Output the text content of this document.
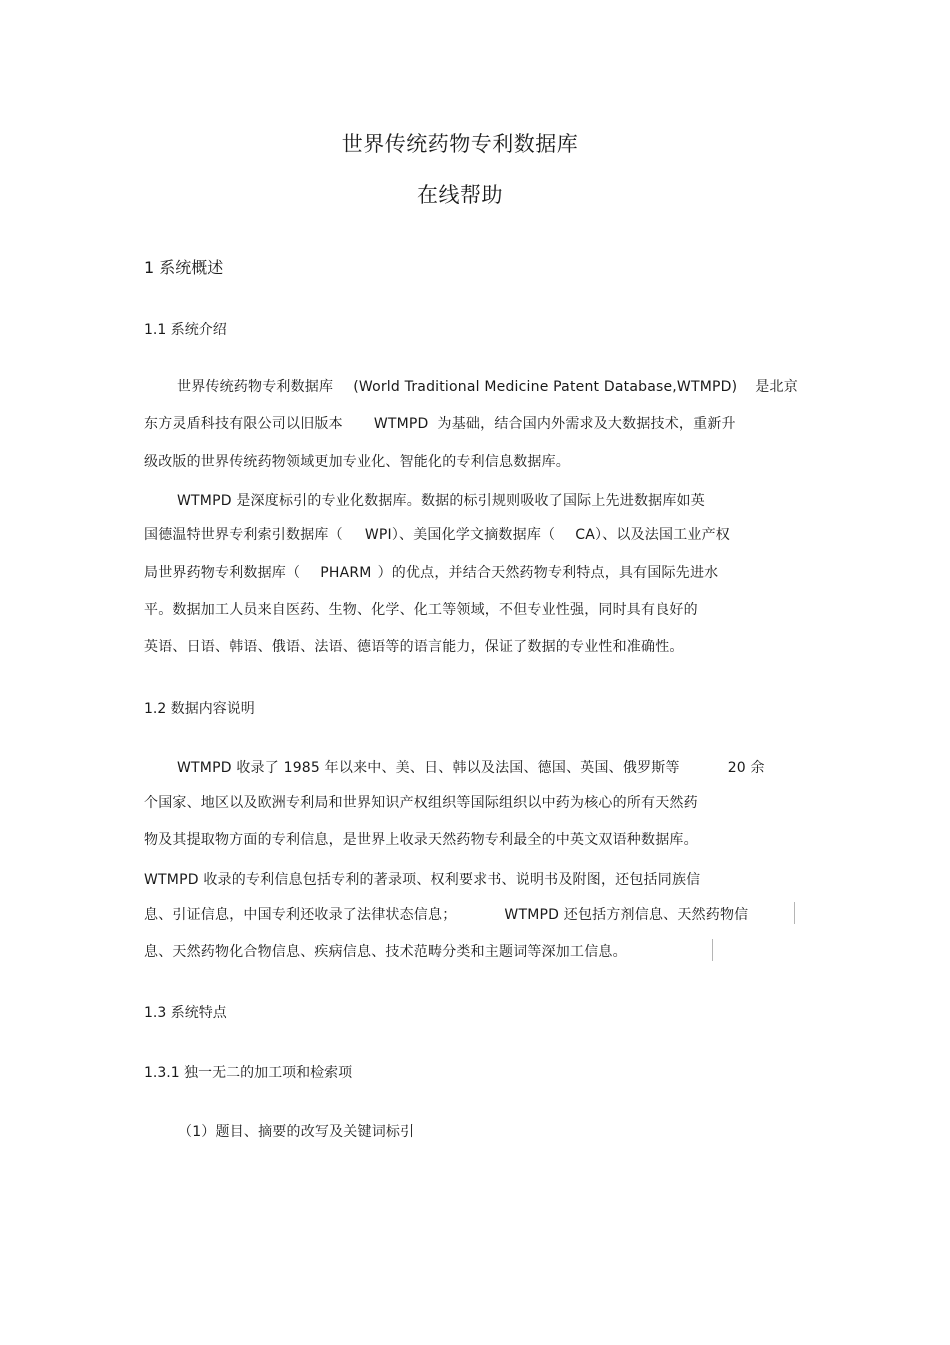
世界传统药物专利数据库
在线帮助
1 系统概述
1.1 系统介绍
世界传统药物专利数据库 (World Traditional Medicine Patent Database,WTMPD) 是北京
东方灵盾科技有限公司以旧版本 WTMPD 为基础，结合国内外需求及大数据技术，重新升
级改版的世界传统药物领域更加专业化、智能化的专利信息数据库。
WTMPD 是深度标引的专业化数据库。数据的标引规则吸收了国际上先进数据库如英
国德温特世界专利索引数据库（ WPI）、美国化学文摘数据库（ CA）、以及法国工业产权
局世界药物专利数据库（ PHARM ）的优点，并结合天然药物专利特点，具有国际先进水
平。数据加工人员来自医药、生物、化学、化工等领域，不但专业性强，同时具有良好的
英语、日语、韩语、俄语、法语、德语等的语言能力，保证了数据的专业性和准确性。
1.2 数据内容说明
WTMPD 收录了 1985 年以来中、美、日、韩以及法国、德国、英国、俄罗斯等	20 余
个国家、地区以及欧洲专利局和世界知识产权组织等国际组织以中药为核心的所有天然药
物及其提取物方面的专利信息，是世界上收录天然药物专利最全的中英文双语种数据库。
WTMPD 收录的专利信息包括专利的著录项、权利要求书、说明书及附图，还包括同族信
息、引证信息，中国专利还收录了法律状态信息；	WTMPD 还包括方剂信息、天然药物信
息、天然药物化合物信息、疾病信息、技术范畴分类和主题词等深加工信息。
1.3 系统特点
1.3.1 独一无二的加工项和检索项
（1）题目、摘要的改写及关键词标引
